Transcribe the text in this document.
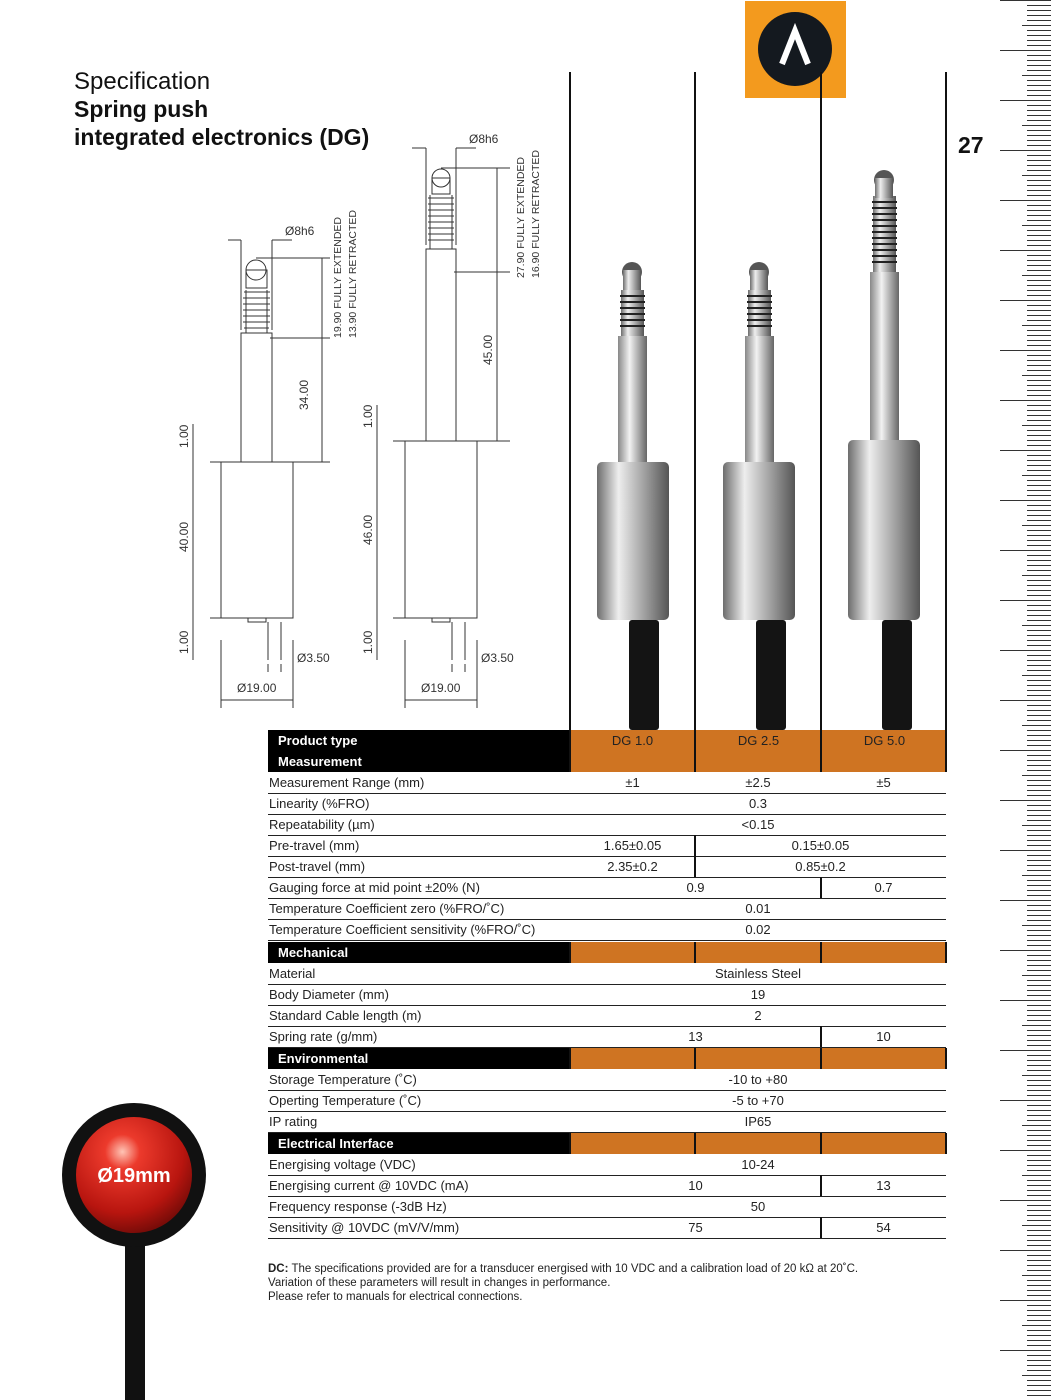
Specification
Spring push
integrated electronics (DG)	27
Ø8h6 19.90 FULLY EXTENDED 13.90 FULLY RETRACTED
34.00
1.00
40.00
1.00
Ø3.50
Ø19.00
Ø8h6
27.90 FULLY EXTENDED 16.90 FULLY RETRACTED
45.00
1.00
46.00
1.00
Ø3.50
Ø19.00
Product type	DG 1.0	DG 2.5	DG 5.0
Measurement
Measurement Range (mm)	±1	±2.5	±5
Linearity (%FRO)	0.3
Repeatability (µm)	<0.15
Pre-travel (mm)	1.65±0.05	0.15±0.05
Post-travel (mm)	2.35±0.2	0.85±0.2
Gauging force at mid point ±20% (N)	0.9	0.7
Temperature Coefficient zero (%FRO/˚C)	0.01
Temperature Coefficient sensitivity (%FRO/˚C)	0.02
Mechanical
Material	Stainless Steel
Body Diameter (mm)	19
Standard Cable length (m)	2
Spring rate (g/mm)	13	10
Environmental
Storage Temperature (˚C)	-10 to +80
Operting Temperature (˚C)	-5 to +70
IP rating	IP65
Electrical Interface
Energising voltage (VDC)	10-24
Energising current @ 10VDC (mA)	10	13
Frequency response (-3dB Hz)	50
Sensitivity @ 10VDC (mV/V/mm)	75	54
DC: The specifications provided are for a transducer energised with 10 VDC and a calibration load of 20 kΩ at 20˚C.
Variation of these parameters will result in changes in performance.
Please refer to manuals for electrical connections.
Ø19mm
